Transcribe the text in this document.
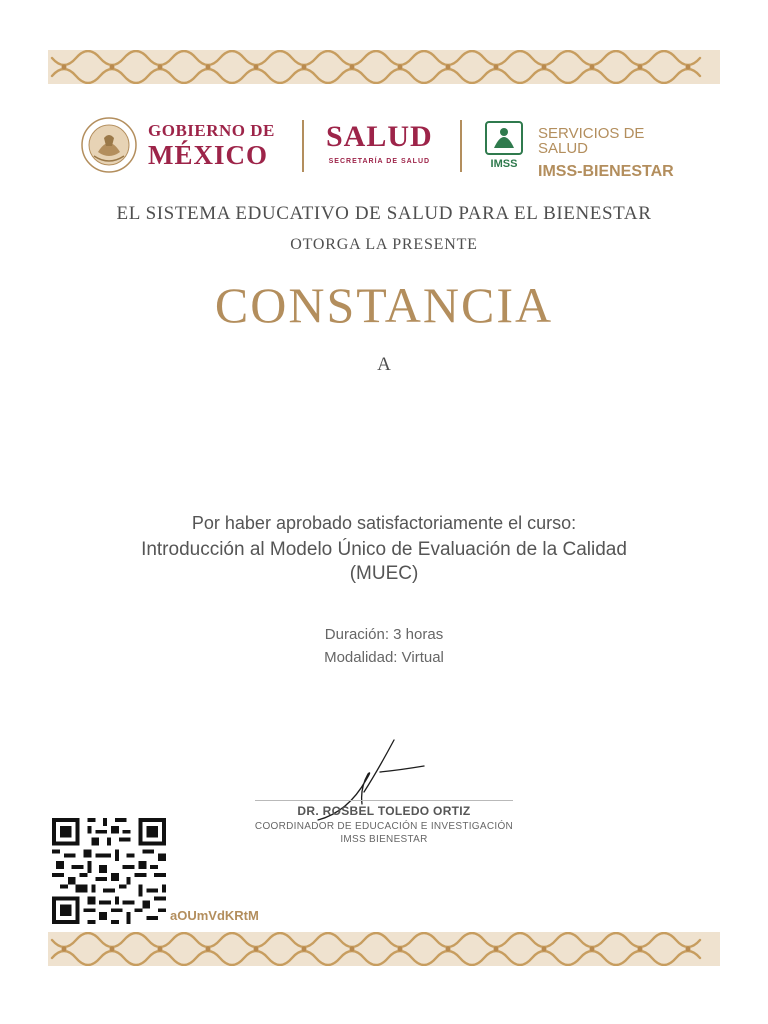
GOBIERNO DE
MÉXICO
SALUD
SECRETARÍA DE SALUD	IMSS
SERVICIOS DE SALUD
IMSS-BIENESTAR
EL SISTEMA EDUCATIVO DE SALUD PARA EL BIENESTAR
OTORGA LA PRESENTE
CONSTANCIA
A
Por haber aprobado satisfactoriamente el curso:
Introducción al Modelo Único de Evaluación de la Calidad
(MUEC)
Duración: 3 horas
Modalidad: Virtual
DR. ROSBEL TOLEDO ORTIZ
COORDINADOR DE EDUCACIÓN E INVESTIGACIÓN
IMSS BIENESTAR
aOUmVdKRtM
